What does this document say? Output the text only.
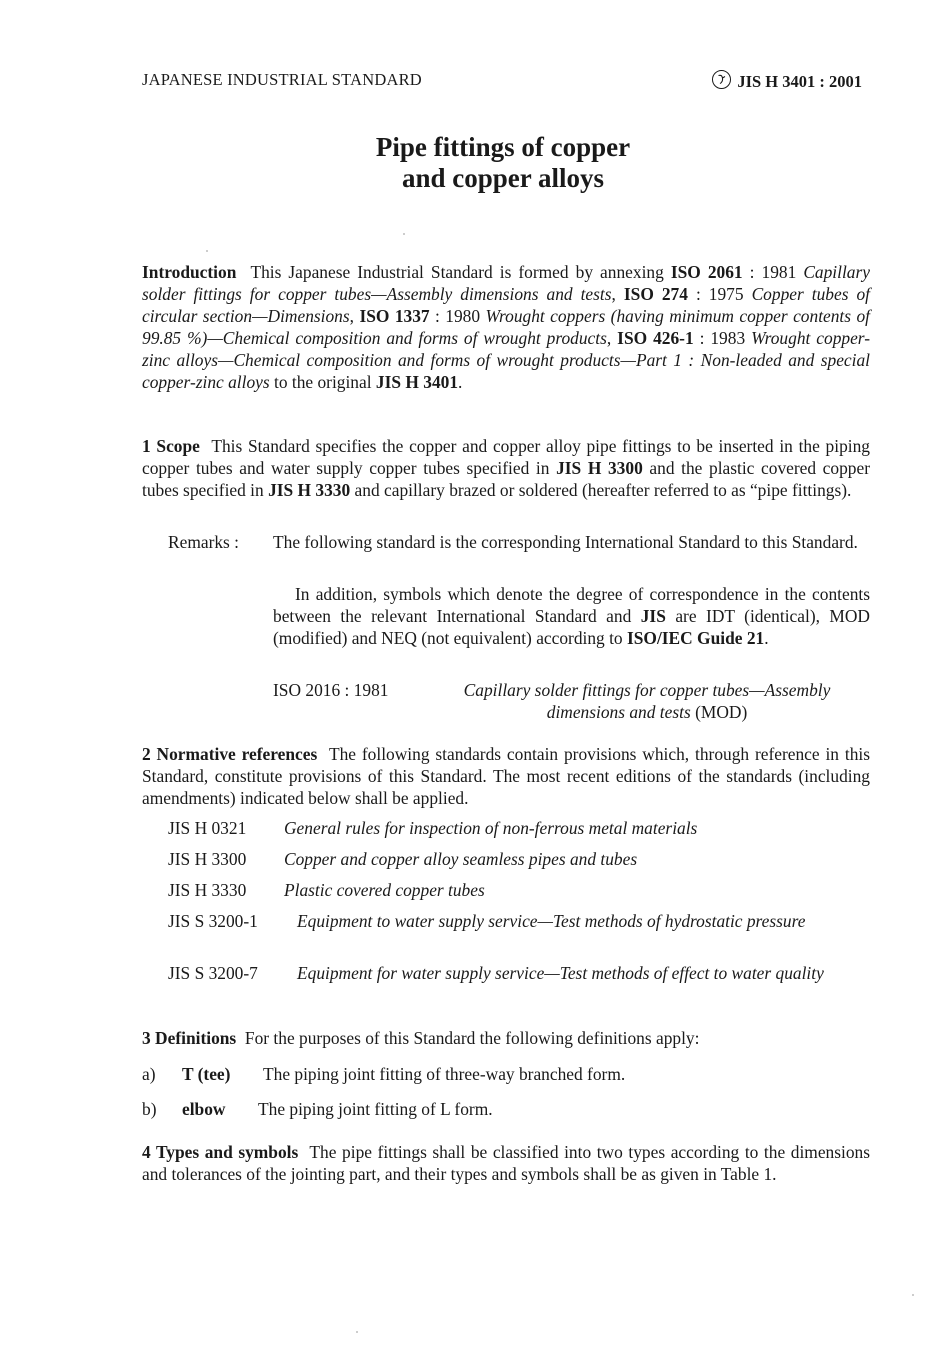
JAPANESE INDUSTRIAL STANDARD	JIS H 3401 : 2001
Pipe fittings of copper
and copper alloys
Introduction This Japanese Industrial Standard is formed by annexing ISO 2061 : 1981 Capillary solder fittings for copper tubes—Assembly dimensions and tests, ISO 274 : 1975 Copper tubes of circular section—Dimensions, ISO 1337 : 1980 Wrought coppers (having minimum copper contents of 99.85 %)—Chemical composition and forms of wrought products, ISO 426-1 : 1983 Wrought copper-zinc alloys—Chemical composition and forms of wrought products—Part 1 : Non-leaded and special copper-zinc alloys to the original JIS H 3401.
1 Scope This Standard specifies the copper and copper alloy pipe fittings to be inserted in the piping copper tubes and water supply copper tubes specified in JIS H 3300 and the plastic covered copper tubes specified in JIS H 3330 and capillary brazed or soldered (hereafter referred to as “pipe fittings).
Remarks : The following standard is the corresponding International Standard to this Standard.
In addition, symbols which denote the degree of correspondence in the contents between the relevant International Standard and JIS are IDT (identical), MOD (modified) and NEQ (not equivalent) according to ISO/IEC Guide 21.
ISO 2016 : 1981	Capillary solder fittings for copper tubes—Assembly dimensions and tests (MOD)
2 Normative references The following standards contain provisions which, through reference in this Standard, constitute provisions of this Standard. The most recent editions of the standards (including amendments) indicated below shall be applied.
JIS H 0321 General rules for inspection of non-ferrous metal materials
JIS H 3300 Copper and copper alloy seamless pipes and tubes
JIS H 3330 Plastic covered copper tubes
JIS S 3200-1 Equipment to water supply service—Test methods of hydrostatic pressure
JIS S 3200-7 Equipment for water supply service—Test methods of effect to water quality
3 Definitions For the purposes of this Standard the following definitions apply:
a) T (tee) The piping joint fitting of three-way branched form.
b) elbow The piping joint fitting of L form.
4 Types and symbols The pipe fittings shall be classified into two types according to the dimensions and tolerances of the jointing part, and their types and symbols shall be as given in Table 1.
